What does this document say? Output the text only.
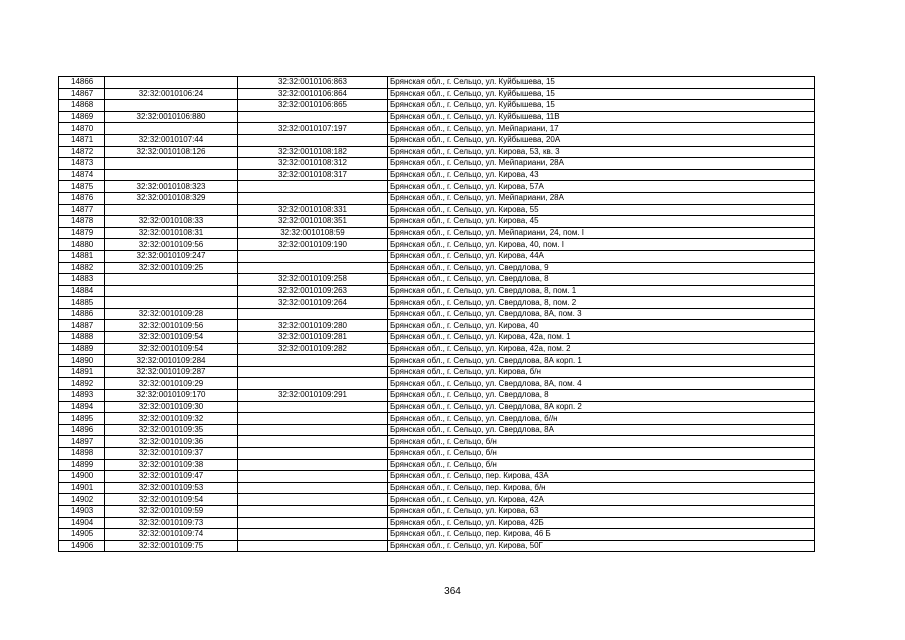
14866		32:32:0010106:863	Брянская обл., г. Сельцо, ул. Куйбышева, 15
14867	32:32:0010106:24	32:32:0010106:864	Брянская обл., г. Сельцо, ул. Куйбышева, 15
14868		32:32:0010106:865	Брянская обл., г. Сельцо, ул. Куйбышева, 15
14869	32:32:0010106:880		Брянская обл., г. Сельцо, ул. Куйбышева, 11В
14870		32:32:0010107:197	Брянская обл., г. Сельцо, ул. Мейпариани, 17
14871	32:32:0010107:44		Брянская обл., г. Сельцо, ул. Куйбышева, 20А
14872	32:32:0010108:126	32:32:0010108:182	Брянская обл., г. Сельцо, ул. Кирова, 53, кв. 3
14873		32:32:0010108:312	Брянская обл., г. Сельцо, ул. Мейпариани, 28А
14874		32:32:0010108:317	Брянская обл., г. Сельцо, ул. Кирова, 43
14875	32:32:0010108:323		Брянская обл., г. Сельцо, ул. Кирова, 57А
14876	32:32:0010108:329		Брянская обл., г. Сельцо, ул. Мейпариани, 28А
14877		32:32:0010108:331	Брянская обл., г. Сельцо, ул. Кирова, 55
14878	32:32:0010108:33	32:32:0010108:351	Брянская обл., г. Сельцо, ул. Кирова, 45
14879	32:32:0010108:31	32:32:0010108:59	Брянская обл., г. Сельцо, ул. Мейпариани, 24, пом. I
14880	32:32:0010109:56	32:32:0010109:190	Брянская обл., г. Сельцо, ул. Кирова, 40, пом. I
14881	32:32:0010109:247		Брянская обл., г. Сельцо, ул. Кирова, 44А
14882	32:32:0010109:25		Брянская обл., г. Сельцо, ул. Свердлова, 9
14883		32:32:0010109:258	Брянская обл., г. Сельцо, ул. Свердлова, 8
14884		32:32:0010109:263	Брянская обл., г. Сельцо, ул. Свердлова, 8, пом. 1
14885		32:32:0010109:264	Брянская обл., г. Сельцо, ул. Свердлова, 8, пом. 2
14886	32:32:0010109:28		Брянская обл., г. Сельцо, ул. Свердлова, 8А, пом. 3
14887	32:32:0010109:56	32:32:0010109:280	Брянская обл., г. Сельцо, ул. Кирова, 40
14888	32:32:0010109:54	32:32:0010109:281	Брянская обл., г. Сельцо, ул. Кирова, 42а, пом. 1
14889	32:32:0010109:54	32:32:0010109:282	Брянская обл., г. Сельцо, ул. Кирова, 42а, пом. 2
14890	32:32:0010109:284		Брянская обл., г. Сельцо, ул. Свердлова, 8А корп. 1
14891	32:32:0010109:287		Брянская обл., г. Сельцо, ул. Кирова, б/н
14892	32:32:0010109:29		Брянская обл., г. Сельцо, ул. Свердлова, 8А, пом. 4
14893	32:32:0010109:170	32:32:0010109:291	Брянская обл., г. Сельцо, ул. Свердлова, 8
14894	32:32:0010109:30		Брянская обл., г. Сельцо, ул. Свердлова, 8А корп. 2
14895	32:32:0010109:32		Брянская обл., г. Сельцо, ул. Свердлова, б//н
14896	32:32:0010109:35		Брянская обл., г. Сельцо, ул. Свердлова, 8А
14897	32:32:0010109:36		Брянская обл., г. Сельцо, б/н
14898	32:32:0010109:37		Брянская обл., г. Сельцо, б/н
14899	32:32:0010109:38		Брянская обл., г. Сельцо, б/н
14900	32:32:0010109:47		Брянская обл., г. Сельцо, пер. Кирова, 43А
14901	32:32:0010109:53		Брянская обл., г. Сельцо, пер. Кирова, б/н
14902	32:32:0010109:54		Брянская обл., г. Сельцо, ул. Кирова, 42А
14903	32:32:0010109:59		Брянская обл., г. Сельцо, ул. Кирова, 63
14904	32:32:0010109:73		Брянская обл., г. Сельцо, ул. Кирова, 42Б
14905	32:32:0010109:74		Брянская обл., г. Сельцо, пер. Кирова, 46 Б
14906	32:32:0010109:75		Брянская обл., г. Сельцо, ул. Кирова, 50Г
364
